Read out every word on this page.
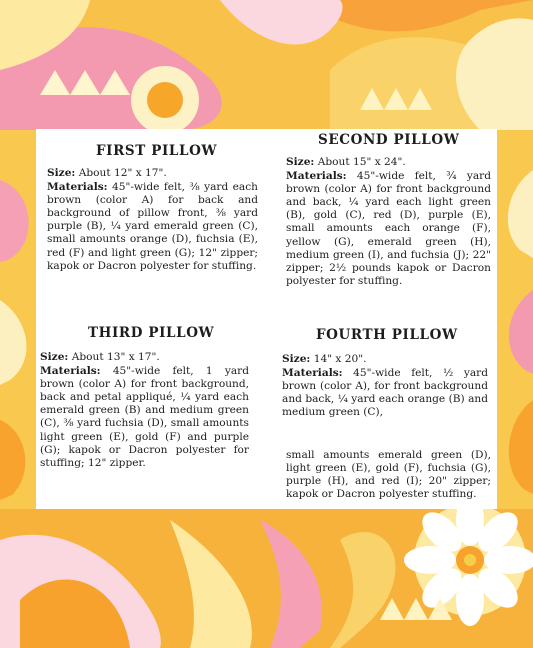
FIRST PILLOW

Size: About 12" x 17".

Materials: 45"-wide felt, ⅜ yard each brown (color A) for back and background of pillow front, ⅜ yard purple (B), ¼ yard emerald green (C), small amounts orange (D), fuchsia (E), red (F) and light green (G); 12" zipper; kapok or Dacron polyester for stuffing.

SECOND PILLOW

Size: About 15" x 24".

Materials: 45"-wide felt, ¾ yard brown (color A) for front background and back, ¼ yard each light green (B), gold (C), red (D), purple (E), small amounts each orange (F), yellow (G), emerald green (H), medium green (I), and fuchsia (J); 22" zipper; 2½ pounds kapok or Dacron polyester for stuffing.

THIRD PILLOW

Size: About 13" x 17".

Materials: 45"-wide felt, 1 yard brown (color A) for front background, back and petal appliqué, ¼ yard each emerald green (B) and medium green (C), ⅜ yard fuchsia (D), small amounts light green (E), gold (F) and purple (G); kapok or Dacron polyester for stuffing; 12" zipper.

FOURTH PILLOW

Size: 14" x 20".

Materials: 45"-wide felt, ½ yard brown (color A), for front background and back, ¼ yard each orange (B) and medium green (C),

small amounts emerald green (D), light green (E), gold (F), fuchsia (G), purple (H), and red (I); 20" zipper; kapok or Dacron polyester stuffing.
